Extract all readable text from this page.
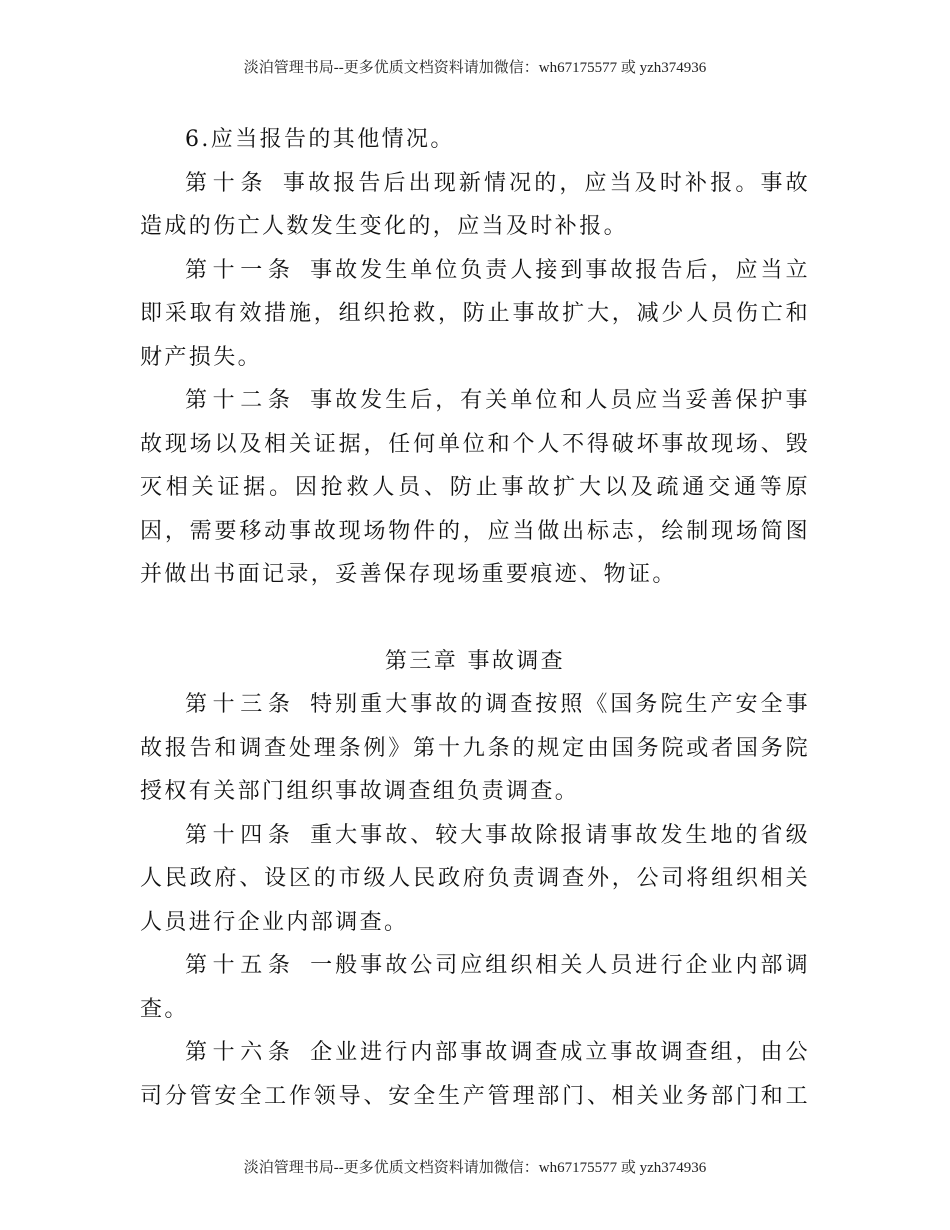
淡泊管理书局--更多优质文档资料请加微信：wh67175577 或 yzh374936

6.应当报告的其他情况。

第十条 事故报告后出现新情况的，应当及时补报。事故造成的伤亡人数发生变化的，应当及时补报。

第十一条 事故发生单位负责人接到事故报告后，应当立即采取有效措施，组织抢救，防止事故扩大，减少人员伤亡和财产损失。

第十二条 事故发生后，有关单位和人员应当妥善保护事故现场以及相关证据，任何单位和个人不得破坏事故现场、毁灭相关证据。因抢救人员、防止事故扩大以及疏通交通等原因，需要移动事故现场物件的，应当做出标志，绘制现场简图并做出书面记录，妥善保存现场重要痕迹、物证。

第三章 事故调查

第十三条 特别重大事故的调查按照《国务院生产安全事故报告和调查处理条例》第十九条的规定由国务院或者国务院授权有关部门组织事故调查组负责调查。

第十四条 重大事故、较大事故除报请事故发生地的省级人民政府、设区的市级人民政府负责调查外，公司将组织相关人员进行企业内部调查。

第十五条 一般事故公司应组织相关人员进行企业内部调查。

第十六条 企业进行内部事故调查成立事故调查组，由公司分管安全工作领导、安全生产管理部门、相关业务部门和工

淡泊管理书局--更多优质文档资料请加微信：wh67175577 或 yzh374936
